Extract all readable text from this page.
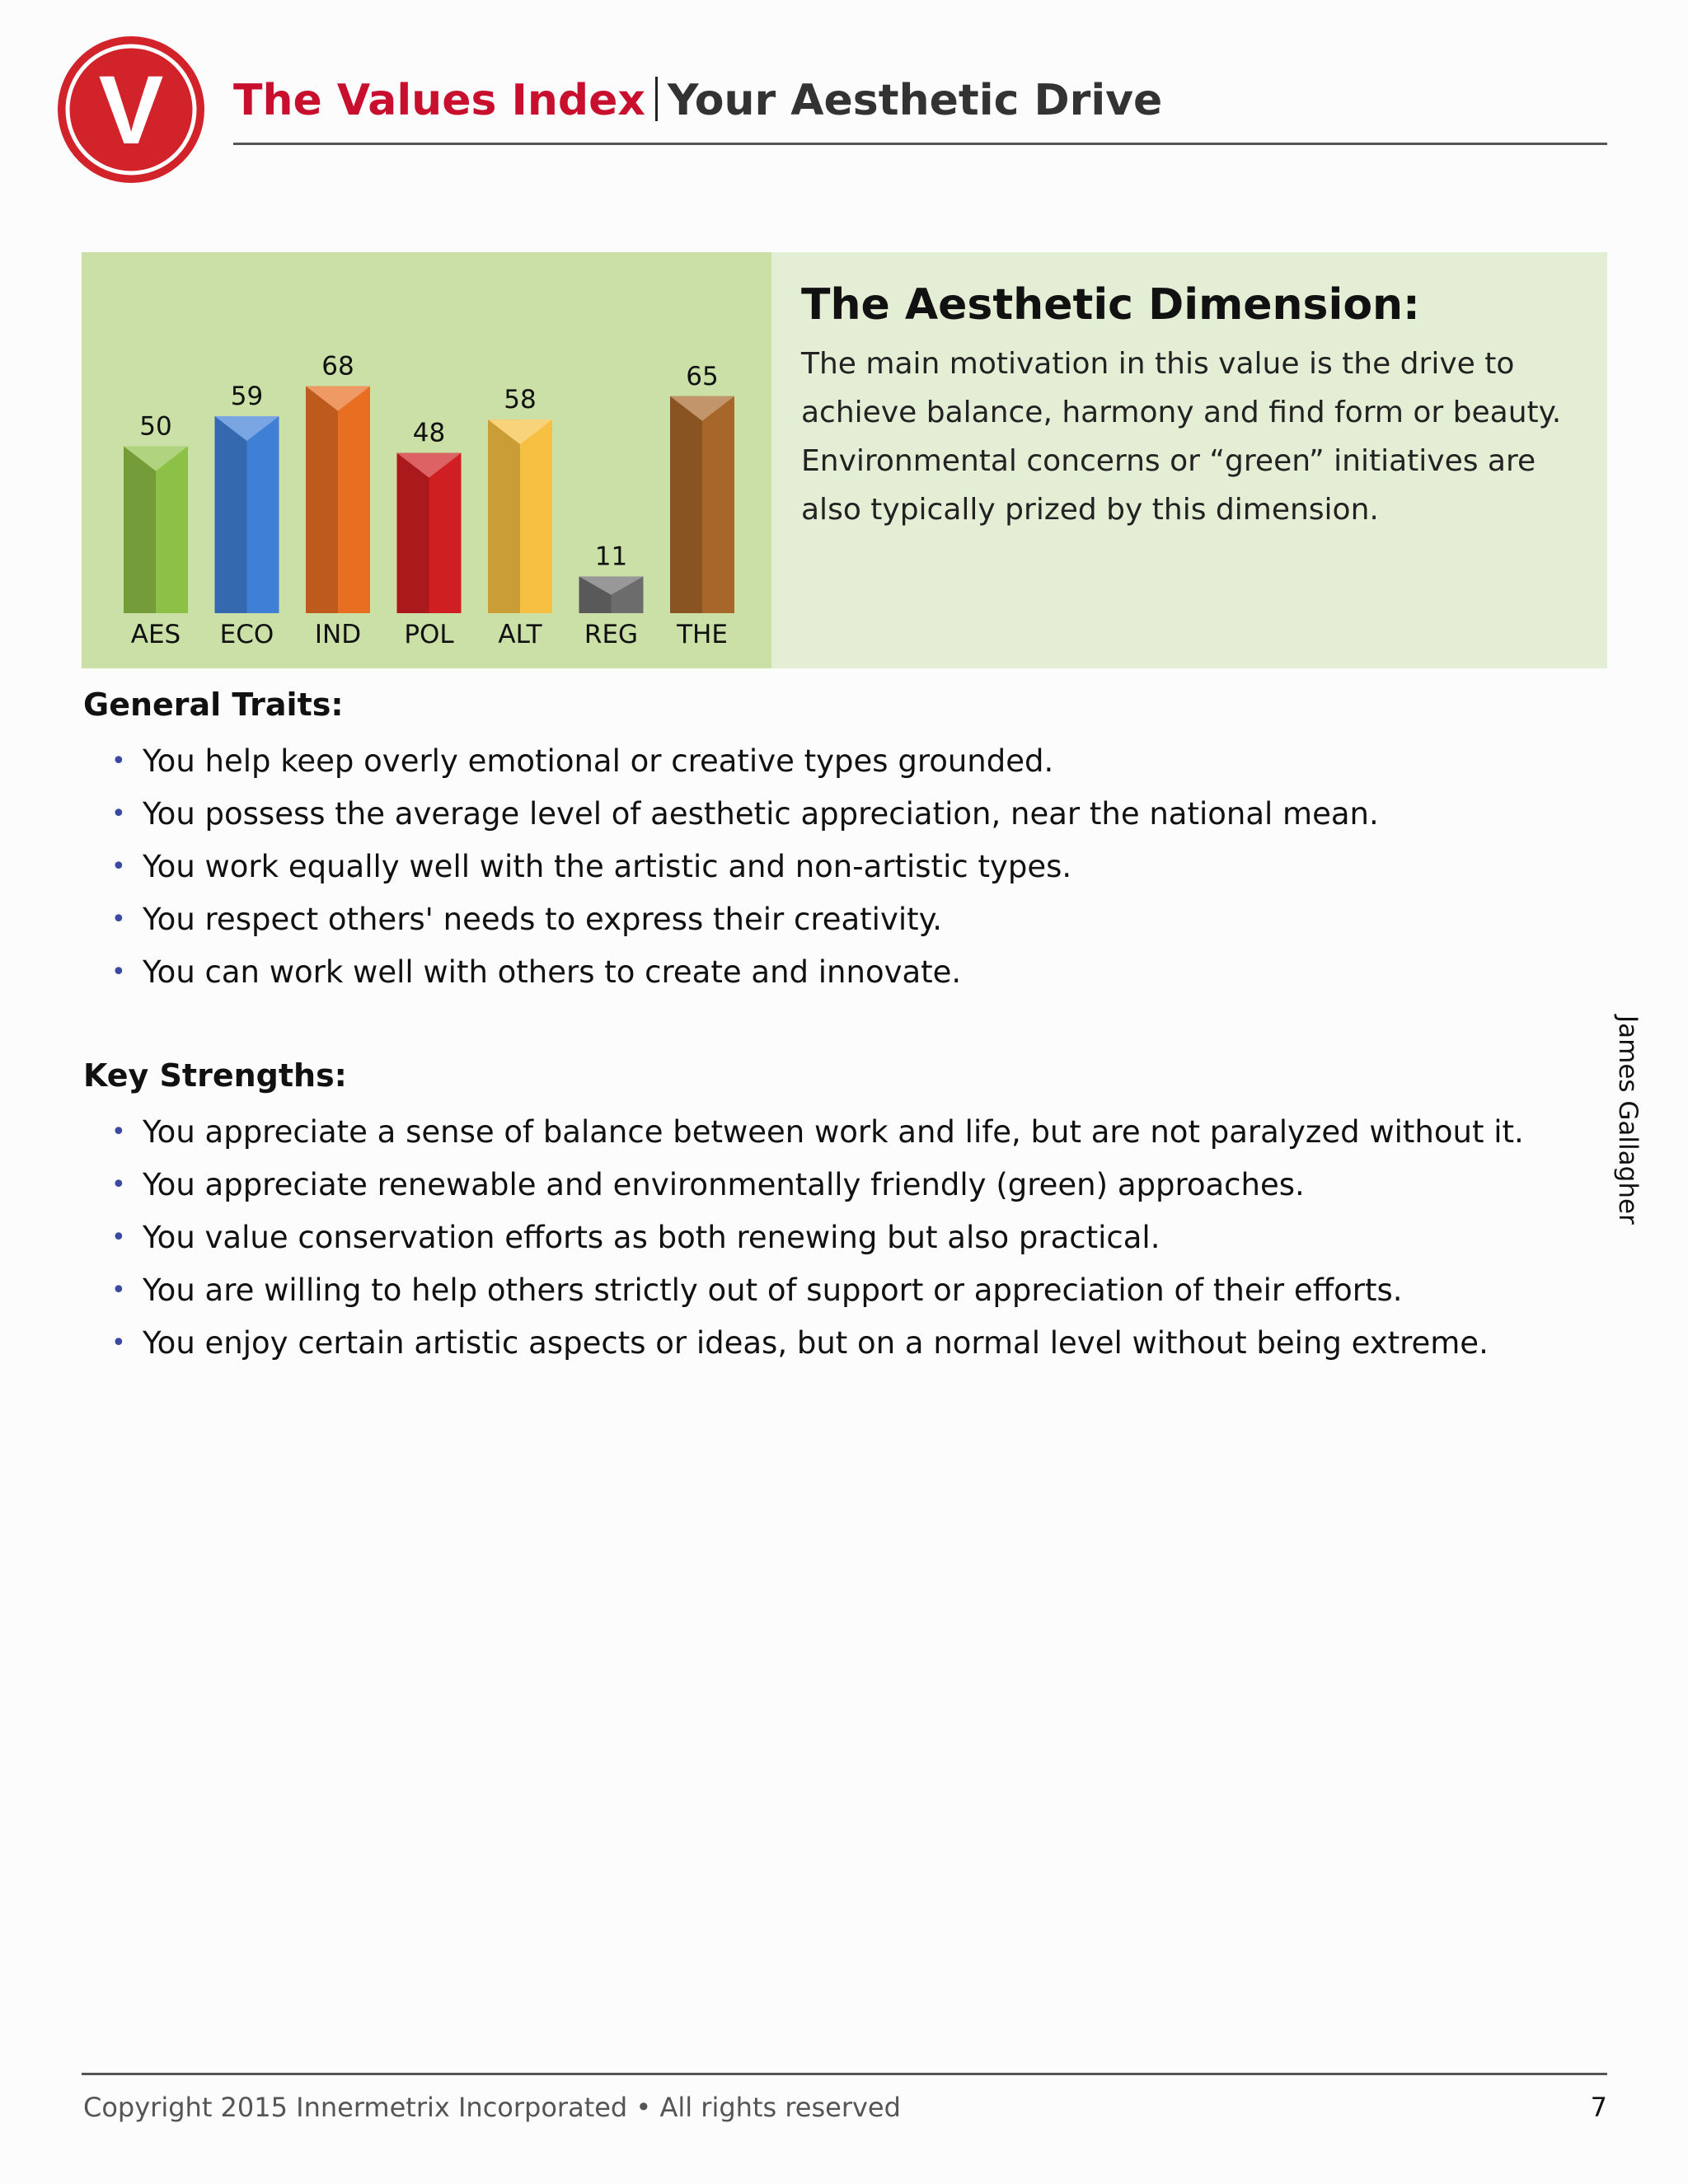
V The Values Index Your Aesthetic Drive
50
AES
59
ECO
68
IND
48
POL
58
ALT
11
REG
65
THE
The Aesthetic Dimension:
The main motivation in this value is the drive to achieve balance, harmony and find form or beauty. Environmental concerns or “green” initiatives are also typically prized by this dimension.
General Traits:
• You help keep overly emotional or creative types grounded.
• You possess the average level of aesthetic appreciation, near the national mean.
• You work equally well with the artistic and non-artistic types.
• You respect others' needs to express their creativity.
• You can work well with others to create and innovate.
Key Strengths:
• You appreciate a sense of balance between work and life, but are not paralyzed without it.
• You appreciate renewable and environmentally friendly (green) approaches.
• You value conservation efforts as both renewing but also practical.
• You are willing to help others strictly out of support or appreciation of their efforts.
• You enjoy certain artistic aspects or ideas, but on a normal level without being extreme.
James Gallagher
Copyright 2015 Innermetrix Incorporated • All rights reserved	7
